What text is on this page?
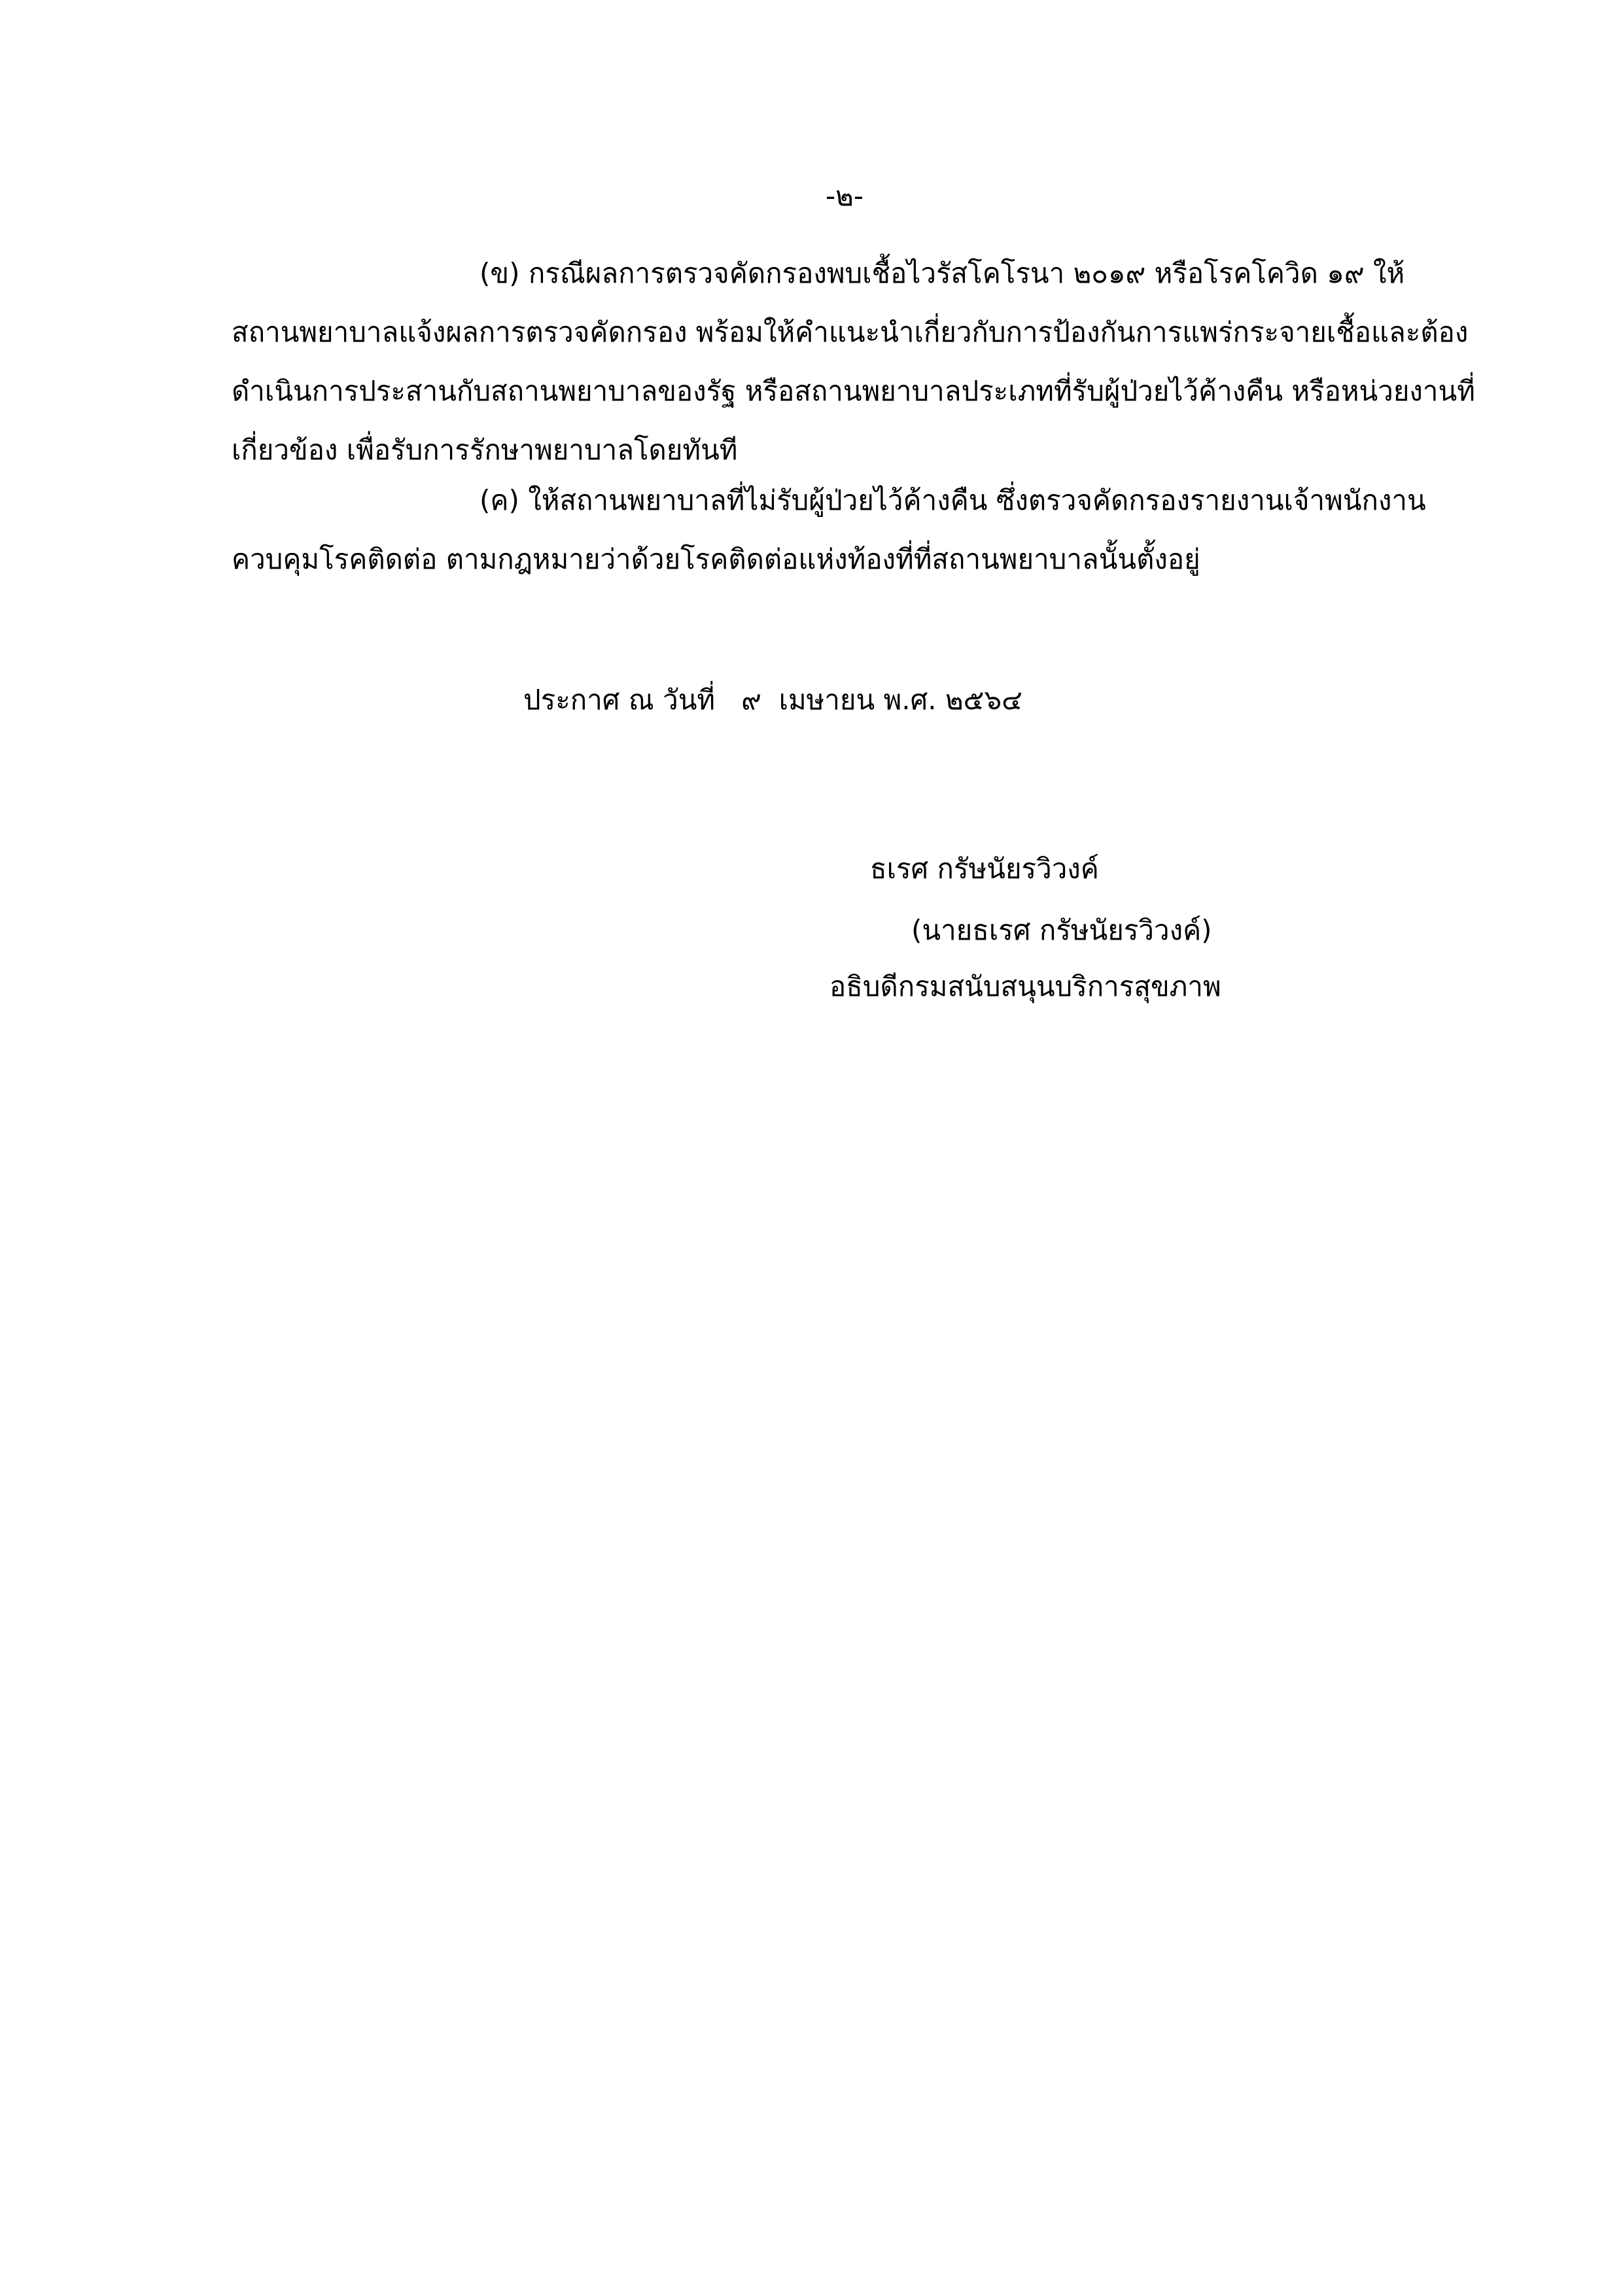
-๒-
(ข) กรณีผลการตรวจคัดกรองพบเชื้อไวรัสโคโรนา ๒๐๑๙ หรือโรคโควิด ๑๙ ให้
สถานพยาบาลแจ้งผลการตรวจคัดกรอง พร้อมให้คำแนะนำเกี่ยวกับการป้องกันการแพร่กระจายเชื้อและต้อง
ดำเนินการประสานกับสถานพยาบาลของรัฐ หรือสถานพยาบาลประเภทที่รับผู้ป่วยไว้ค้างคืน หรือหน่วยงานที่
เกี่ยวข้อง เพื่อรับการรักษาพยาบาลโดยทันที
(ค) ให้สถานพยาบาลที่ไม่รับผู้ป่วยไว้ค้างคืน ซึ่งตรวจคัดกรองรายงานเจ้าพนักงาน
ควบคุมโรคติดต่อ ตามกฎหมายว่าด้วยโรคติดต่อแห่งท้องที่ที่สถานพยาบาลนั้นตั้งอยู่
ประกาศ ณ วันที่   ๙  เมษายน พ.ศ. ๒๕๖๔
ธเรศ กรัษนัยรวิวงค์
(นายธเรศ กรัษนัยรวิวงค์)
อธิบดีกรมสนับสนุนบริการสุขภาพ
